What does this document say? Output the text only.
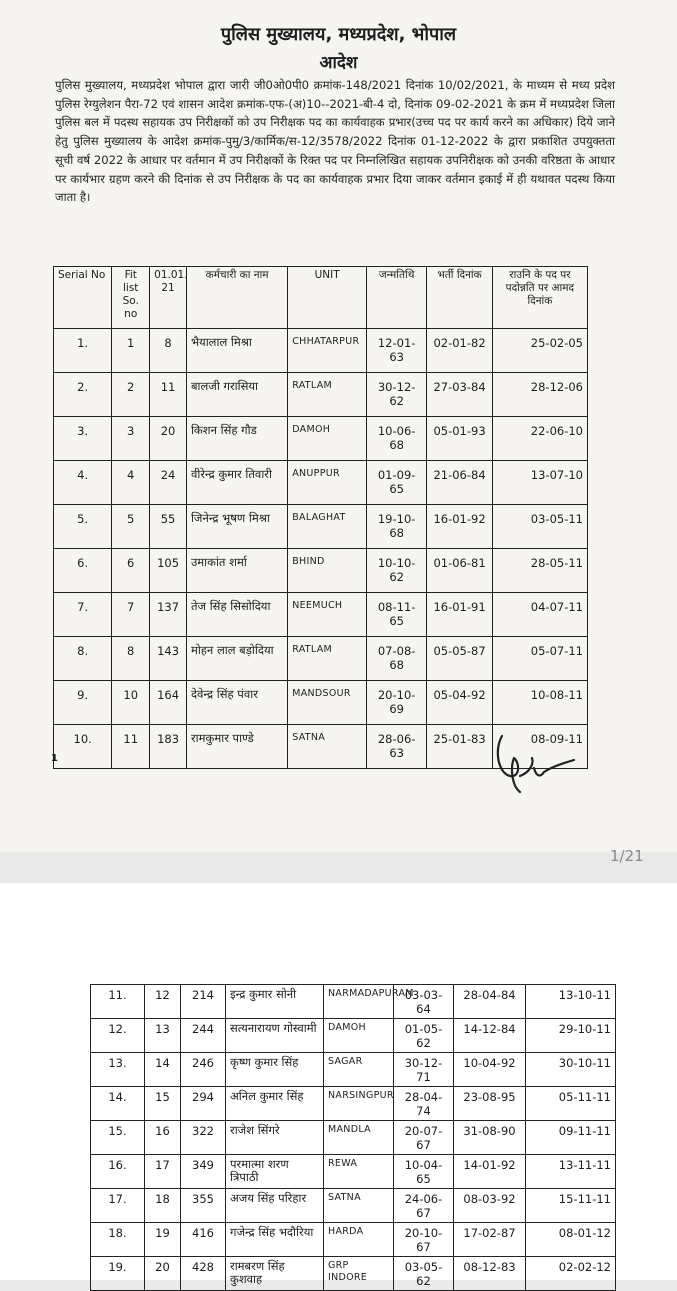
पुलिस मुख्यालय, मध्यप्रदेश, भोपाल

आदेश

पुलिस मुख्यालय, मध्यप्रदेश भोपाल द्वारा जारी जी0ओ0पी0 क्रमांक-148/2021 दिनांक 10/02/2021, के माध्यम से मध्य प्रदेश पुलिस रेग्युलेशन पैरा-72 एवं शासन आदेश क्रमांक-एफ-(अ)10--2021-बी-4 दो, दिनांक 09-02-2021 के क्रम में मध्यप्रदेश जिला पुलिस बल में पदस्थ सहायक उप निरीक्षकों को उप निरीक्षक पद का कार्यवाहक प्रभार(उच्च पद पर कार्य करने का अधिकार) दिये जाने हेतु पुलिस मुख्यालय के आदेश क्रमांक-पुमु/3/कार्मिक/स-12/3578/2022 दिनांक 01-12-2022 के द्वारा प्रकाशित उपयुक्तता सूची वर्ष 2022 के आधार पर वर्तमान में उप निरीक्षकों के रिक्त पद पर निम्नलिखित सहायक उपनिरीक्षक को उनकी वरिष्ठता के आधार पर कार्यभार ग्रहण करने की दिनांक से उप निरीक्षक के पद का कार्यवाहक प्रभार दिया जाकर वर्तमान इकाई में ही यथावत पदस्थ किया जाता है।

Serial No	Fit list So. no	01.01. 21	कर्मचारी का नाम	UNIT	जन्मतिथि	भर्ती दिनांक	राउनि के पद पर पदोन्नति पर आमद दिनांक
1.	1	8	भैयालाल मिश्रा	CHHATARPUR	12-01-63	02-01-82	25-02-05
2.	2	11	बालजी गरासिया	RATLAM	30-12-62	27-03-84	28-12-06
3.	3	20	किशन सिंह गौड	DAMOH	10-06-68	05-01-93	22-06-10
4.	4	24	वीरेन्द्र कुमार तिवारी	ANUPPUR	01-09-65	21-06-84	13-07-10
5.	5	55	जिनेन्द्र भूषण मिश्रा	BALAGHAT	19-10-68	16-01-92	03-05-11
6.	6	105	उमाकांत शर्मा	BHIND	10-10-62	01-06-81	28-05-11
7.	7	137	तेज सिंह सिसोदिया	NEEMUCH	08-11-65	16-01-91	04-07-11
8.	8	143	मोहन लाल बड़ोदिया	RATLAM	07-08-68	05-05-87	05-07-11
9.	10	164	देवेन्द्र सिंह पंवार	MANDSOUR	20-10-69	05-04-92	10-08-11
10.	11	183	रामकुमार पाण्डे	SATNA	28-06-63	25-01-83	08-09-11

1

1/21

11.	12	214	इन्द्र कुमार सोनी	NARMADAPURAM	03-03-64	28-04-84	13-10-11
12.	13	244	सत्यनारायण गोस्वामी	DAMOH	01-05-62	14-12-84	29-10-11
13.	14	246	कृष्ण कुमार सिंह	SAGAR	30-12-71	10-04-92	30-10-11
14.	15	294	अनिल कुमार सिंह	NARSINGPUR	28-04-74	23-08-95	05-11-11
15.	16	322	राजेश सिंगरे	MANDLA	20-07-67	31-08-90	09-11-11
16.	17	349	परमात्मा शरण त्रिपाठी	REWA	10-04-65	14-01-92	13-11-11
17.	18	355	अजय सिंह परिहार	SATNA	24-06-67	08-03-92	15-11-11
18.	19	416	गजेन्द्र सिंह भदौरिया	HARDA	20-10-67	17-02-87	08-01-12
19.	20	428	रामबरण सिंह कुशवाह	GRP INDORE	03-05-62	08-12-83	02-02-12
